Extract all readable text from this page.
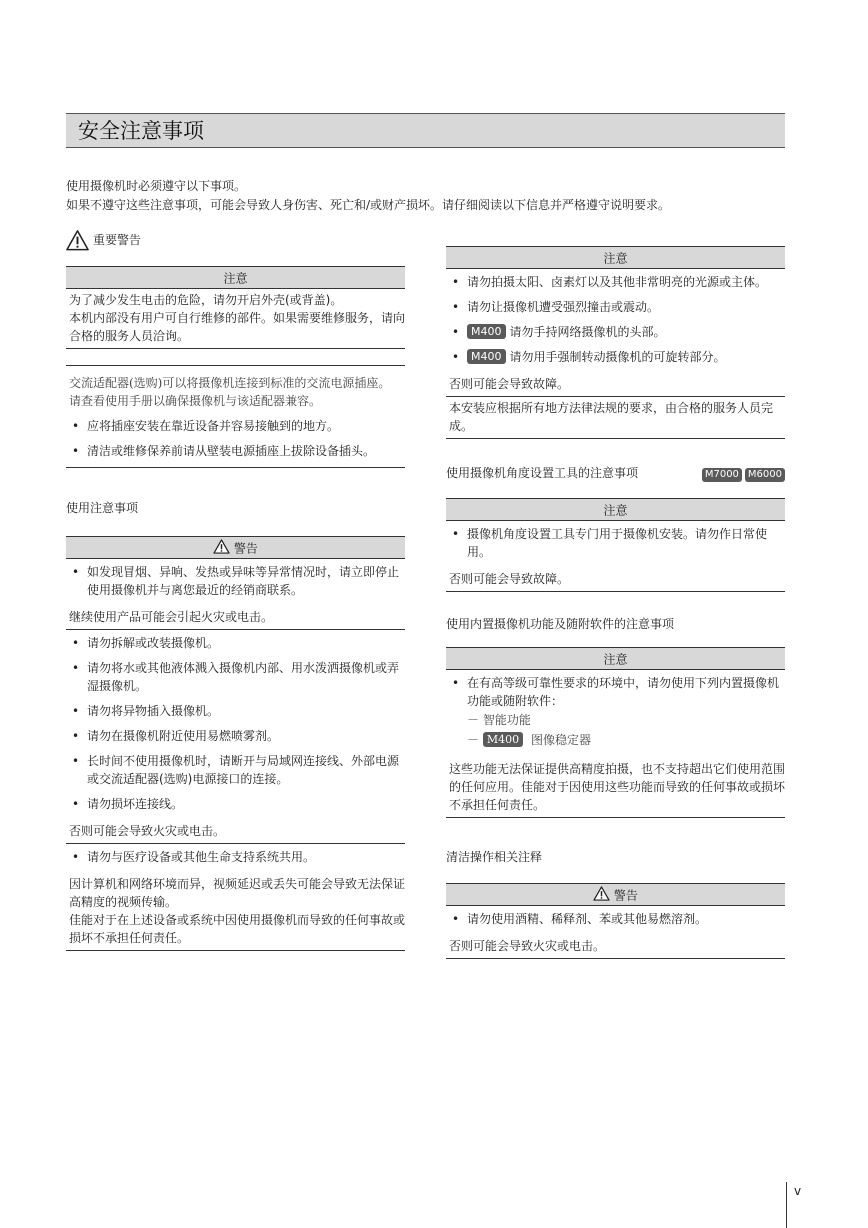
安全注意事项
使用摄像机时必须遵守以下事项。
如果不遵守这些注意事项，可能会导致人身伤害、死亡和/或财产损坏。请仔细阅读以下信息并严格遵守说明要求。
重要警告
注意
为了减少发生电击的危险，请勿开启外壳(或背盖)。
本机内部没有用户可自行维修的部件。如果需要维修服务，请向合格的服务人员洽询。
交流适配器(选购)可以将摄像机连接到标准的交流电源插座。
请查看使用手册以确保摄像机与该适配器兼容。
• 应将插座安装在靠近设备并容易接触到的地方。
• 清洁或维修保养前请从壁装电源插座上拔除设备插头。
使用注意事项
警告
• 如发现冒烟、异响、发热或异味等异常情况时，请立即停止使用摄像机并与离您最近的经销商联系。
继续使用产品可能会引起火灾或电击。
• 请勿拆解或改装摄像机。
• 请勿将水或其他液体溅入摄像机内部、用水泼洒摄像机或弄湿摄像机。
• 请勿将异物插入摄像机。
• 请勿在摄像机附近使用易燃喷雾剂。
• 长时间不使用摄像机时，请断开与局域网连接线、外部电源或交流适配器(选购)电源接口的连接。
• 请勿损坏连接线。
否则可能会导致火灾或电击。
• 请勿与医疗设备或其他生命支持系统共用。
因计算机和网络环境而异，视频延迟或丢失可能会导致无法保证高精度的视频传输。
佳能对于在上述设备或系统中因使用摄像机而导致的任何事故或损坏不承担任何责任。
注意
• 请勿拍摄太阳、卤素灯以及其他非常明亮的光源或主体。
• 请勿让摄像机遭受强烈撞击或震动。
• M400 请勿手持网络摄像机的头部。
• M400 请勿用手强制转动摄像机的可旋转部分。
否则可能会导致故障。
本安装应根据所有地方法律法规的要求，由合格的服务人员完成。
使用摄像机角度设置工具的注意事项	M7000 M6000
注意
• 摄像机角度设置工具专门用于摄像机安装。请勿作日常使用。
否则可能会导致故障。
使用内置摄像机功能及随附软件的注意事项
注意
• 在有高等级可靠性要求的环境中，请勿使用下列内置摄像机功能或随附软件：
－ 智能功能
－ M400 图像稳定器
这些功能无法保证提供高精度拍摄，也不支持超出它们使用范围的任何应用。佳能对于因使用这些功能而导致的任何事故或损坏不承担任何责任。
清洁操作相关注释
警告
• 请勿使用酒精、稀释剂、苯或其他易燃溶剂。
否则可能会导致火灾或电击。
v
